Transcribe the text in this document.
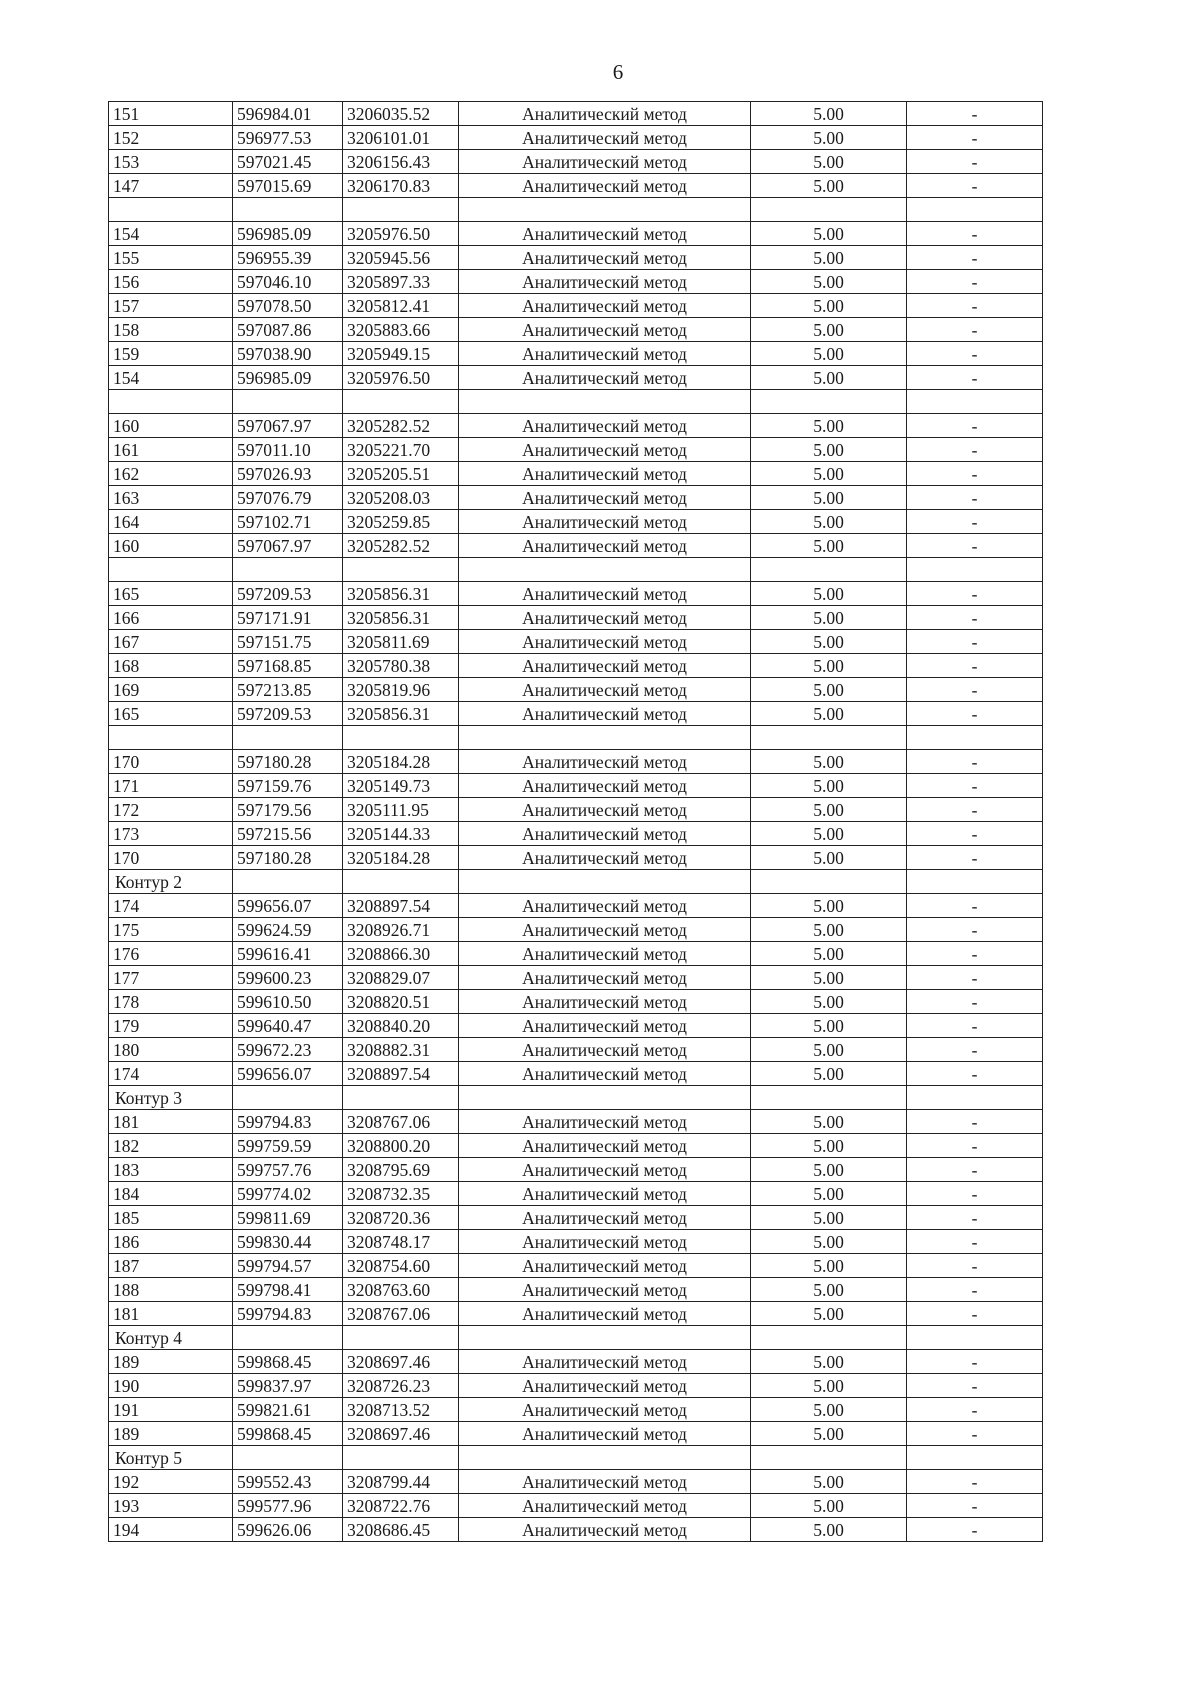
6
151	596984.01	3206035.52	Аналитический метод	5.00	-
152	596977.53	3206101.01	Аналитический метод	5.00	-
153	597021.45	3206156.43	Аналитический метод	5.00	-
147	597015.69	3206170.83	Аналитический метод	5.00	-

154	596985.09	3205976.50	Аналитический метод	5.00	-
155	596955.39	3205945.56	Аналитический метод	5.00	-
156	597046.10	3205897.33	Аналитический метод	5.00	-
157	597078.50	3205812.41	Аналитический метод	5.00	-
158	597087.86	3205883.66	Аналитический метод	5.00	-
159	597038.90	3205949.15	Аналитический метод	5.00	-
154	596985.09	3205976.50	Аналитический метод	5.00	-

160	597067.97	3205282.52	Аналитический метод	5.00	-
161	597011.10	3205221.70	Аналитический метод	5.00	-
162	597026.93	3205205.51	Аналитический метод	5.00	-
163	597076.79	3205208.03	Аналитический метод	5.00	-
164	597102.71	3205259.85	Аналитический метод	5.00	-
160	597067.97	3205282.52	Аналитический метод	5.00	-

165	597209.53	3205856.31	Аналитический метод	5.00	-
166	597171.91	3205856.31	Аналитический метод	5.00	-
167	597151.75	3205811.69	Аналитический метод	5.00	-
168	597168.85	3205780.38	Аналитический метод	5.00	-
169	597213.85	3205819.96	Аналитический метод	5.00	-
165	597209.53	3205856.31	Аналитический метод	5.00	-

170	597180.28	3205184.28	Аналитический метод	5.00	-
171	597159.76	3205149.73	Аналитический метод	5.00	-
172	597179.56	3205111.95	Аналитический метод	5.00	-
173	597215.56	3205144.33	Аналитический метод	5.00	-
170	597180.28	3205184.28	Аналитический метод	5.00	-
Контур 2					
174	599656.07	3208897.54	Аналитический метод	5.00	-
175	599624.59	3208926.71	Аналитический метод	5.00	-
176	599616.41	3208866.30	Аналитический метод	5.00	-
177	599600.23	3208829.07	Аналитический метод	5.00	-
178	599610.50	3208820.51	Аналитический метод	5.00	-
179	599640.47	3208840.20	Аналитический метод	5.00	-
180	599672.23	3208882.31	Аналитический метод	5.00	-
174	599656.07	3208897.54	Аналитический метод	5.00	-
Контур 3					
181	599794.83	3208767.06	Аналитический метод	5.00	-
182	599759.59	3208800.20	Аналитический метод	5.00	-
183	599757.76	3208795.69	Аналитический метод	5.00	-
184	599774.02	3208732.35	Аналитический метод	5.00	-
185	599811.69	3208720.36	Аналитический метод	5.00	-
186	599830.44	3208748.17	Аналитический метод	5.00	-
187	599794.57	3208754.60	Аналитический метод	5.00	-
188	599798.41	3208763.60	Аналитический метод	5.00	-
181	599794.83	3208767.06	Аналитический метод	5.00	-
Контур 4					
189	599868.45	3208697.46	Аналитический метод	5.00	-
190	599837.97	3208726.23	Аналитический метод	5.00	-
191	599821.61	3208713.52	Аналитический метод	5.00	-
189	599868.45	3208697.46	Аналитический метод	5.00	-
Контур 5					
192	599552.43	3208799.44	Аналитический метод	5.00	-
193	599577.96	3208722.76	Аналитический метод	5.00	-
194	599626.06	3208686.45	Аналитический метод	5.00	-
